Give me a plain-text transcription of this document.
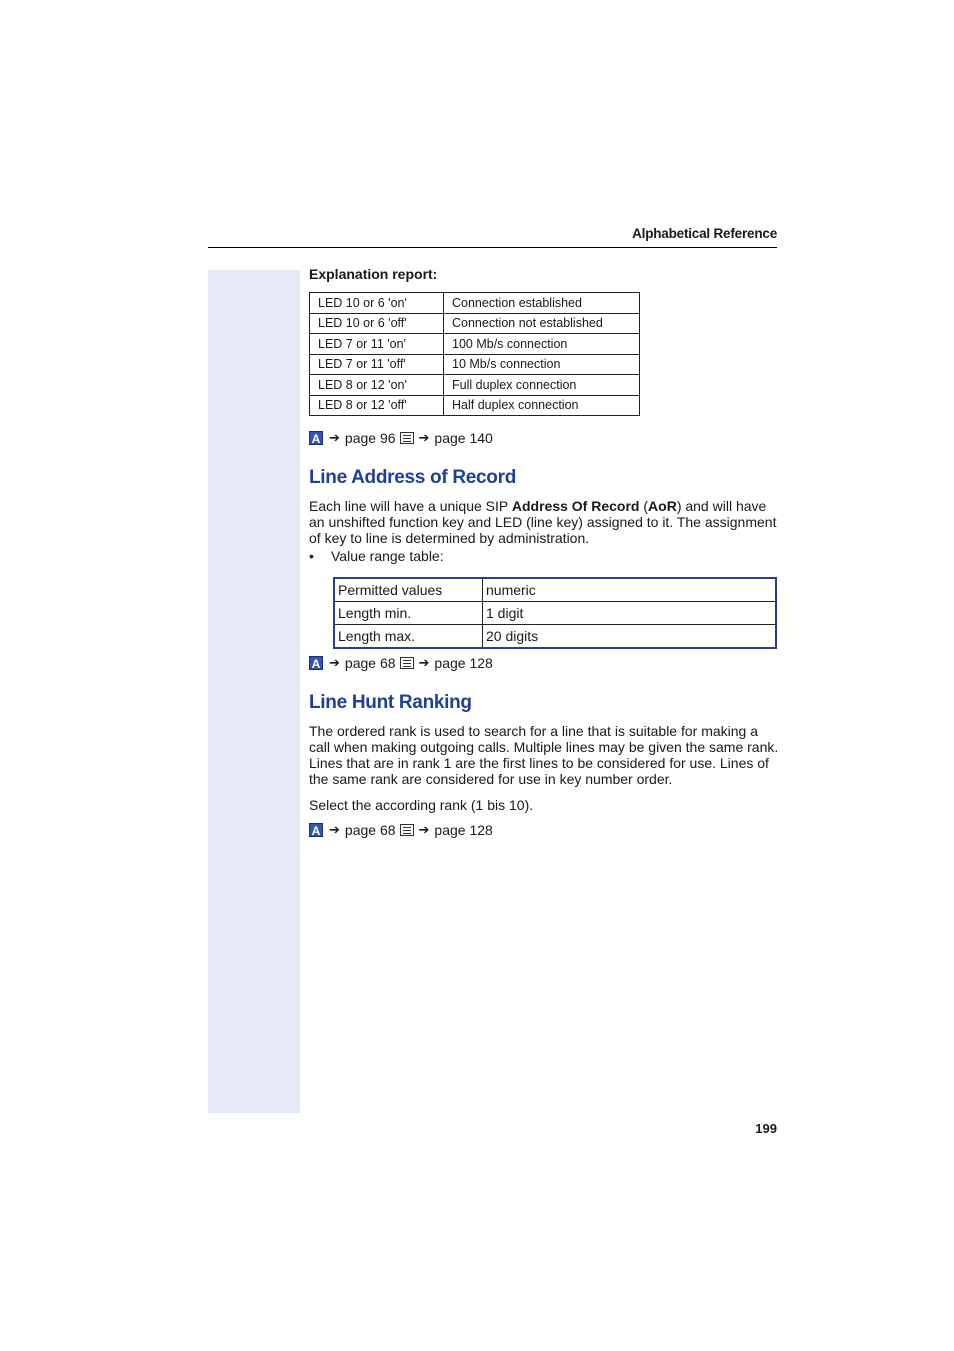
Alphabetical Reference
Explanation report:
LED 10 or 6 'on'	Connection established
LED 10 or 6 'off'	Connection not established
LED 7 or 11 'on'	100 Mb/s connection
LED 7 or 11 'off'	10 Mb/s connection
LED 8 or 12 'on'	Full duplex connection
LED 8 or 12 'off'	Half duplex connection
A ➔ page 96 ➔ page 140
Line Address of Record

Each line will have a unique SIP Address Of Record (AoR) and will have an unshifted function key and LED (line key) assigned to it. The assignment of key to line is determined by administration.

•	Value range table:
Permitted values	numeric
Length min.	1 digit
Length max.	20 digits
A ➔ page 68 ➔ page 128
Line Hunt Ranking

The ordered rank is used to search for a line that is suitable for making a call when making outgoing calls. Multiple lines may be given the same rank. Lines that are in rank 1 are the first lines to be considered for use. Lines of the same rank are considered for use in key number order.

Select the according rank (1 bis 10).

A ➔ page 68 ➔ page 128
199
